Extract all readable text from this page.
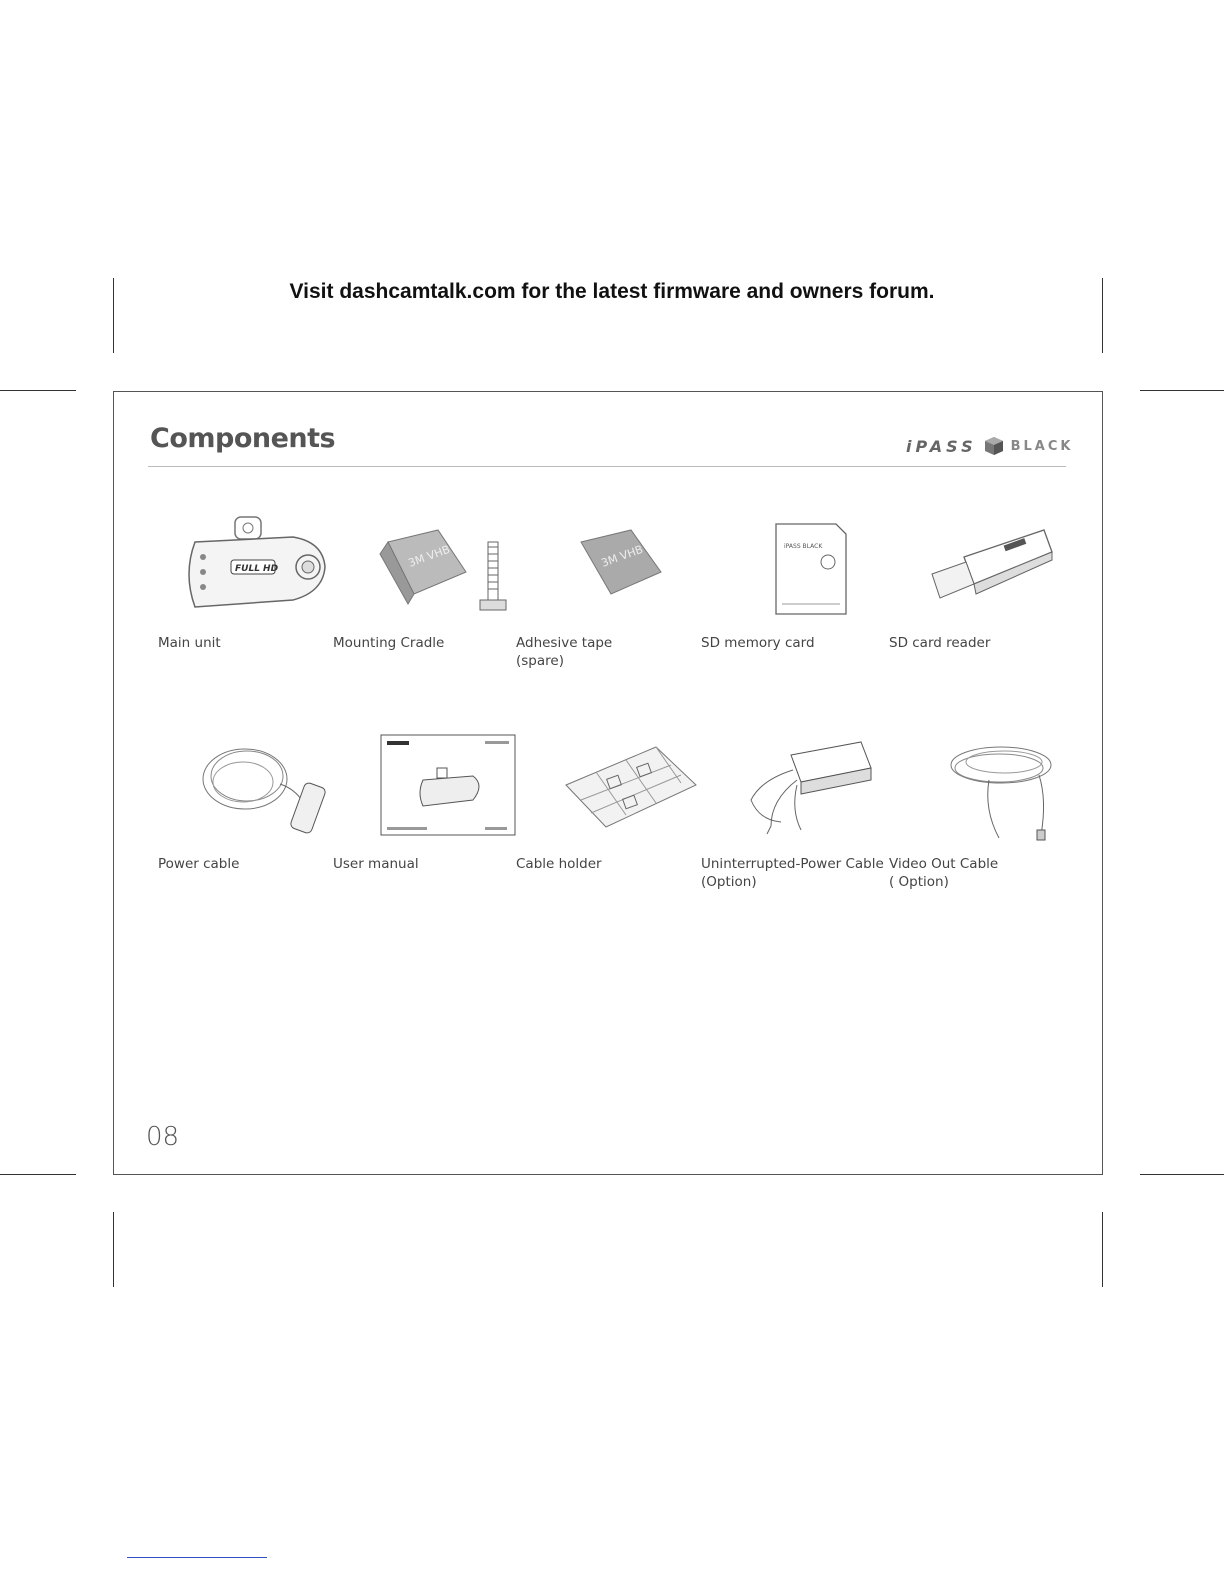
Visit dashcamtalk.com for the latest firmware and owners forum.
Components	iPASS	BLACK
FULL HD
Main unit
3M VHB
Mounting Cradle
3M VHB
Adhesive tape
(spare)
iPASS BLACK
SD memory card	SD card reader
Power cable	User manual	Cable holder	Uninterrupted-Power Cable
(Option)
Video Out Cable
( Option)
08
